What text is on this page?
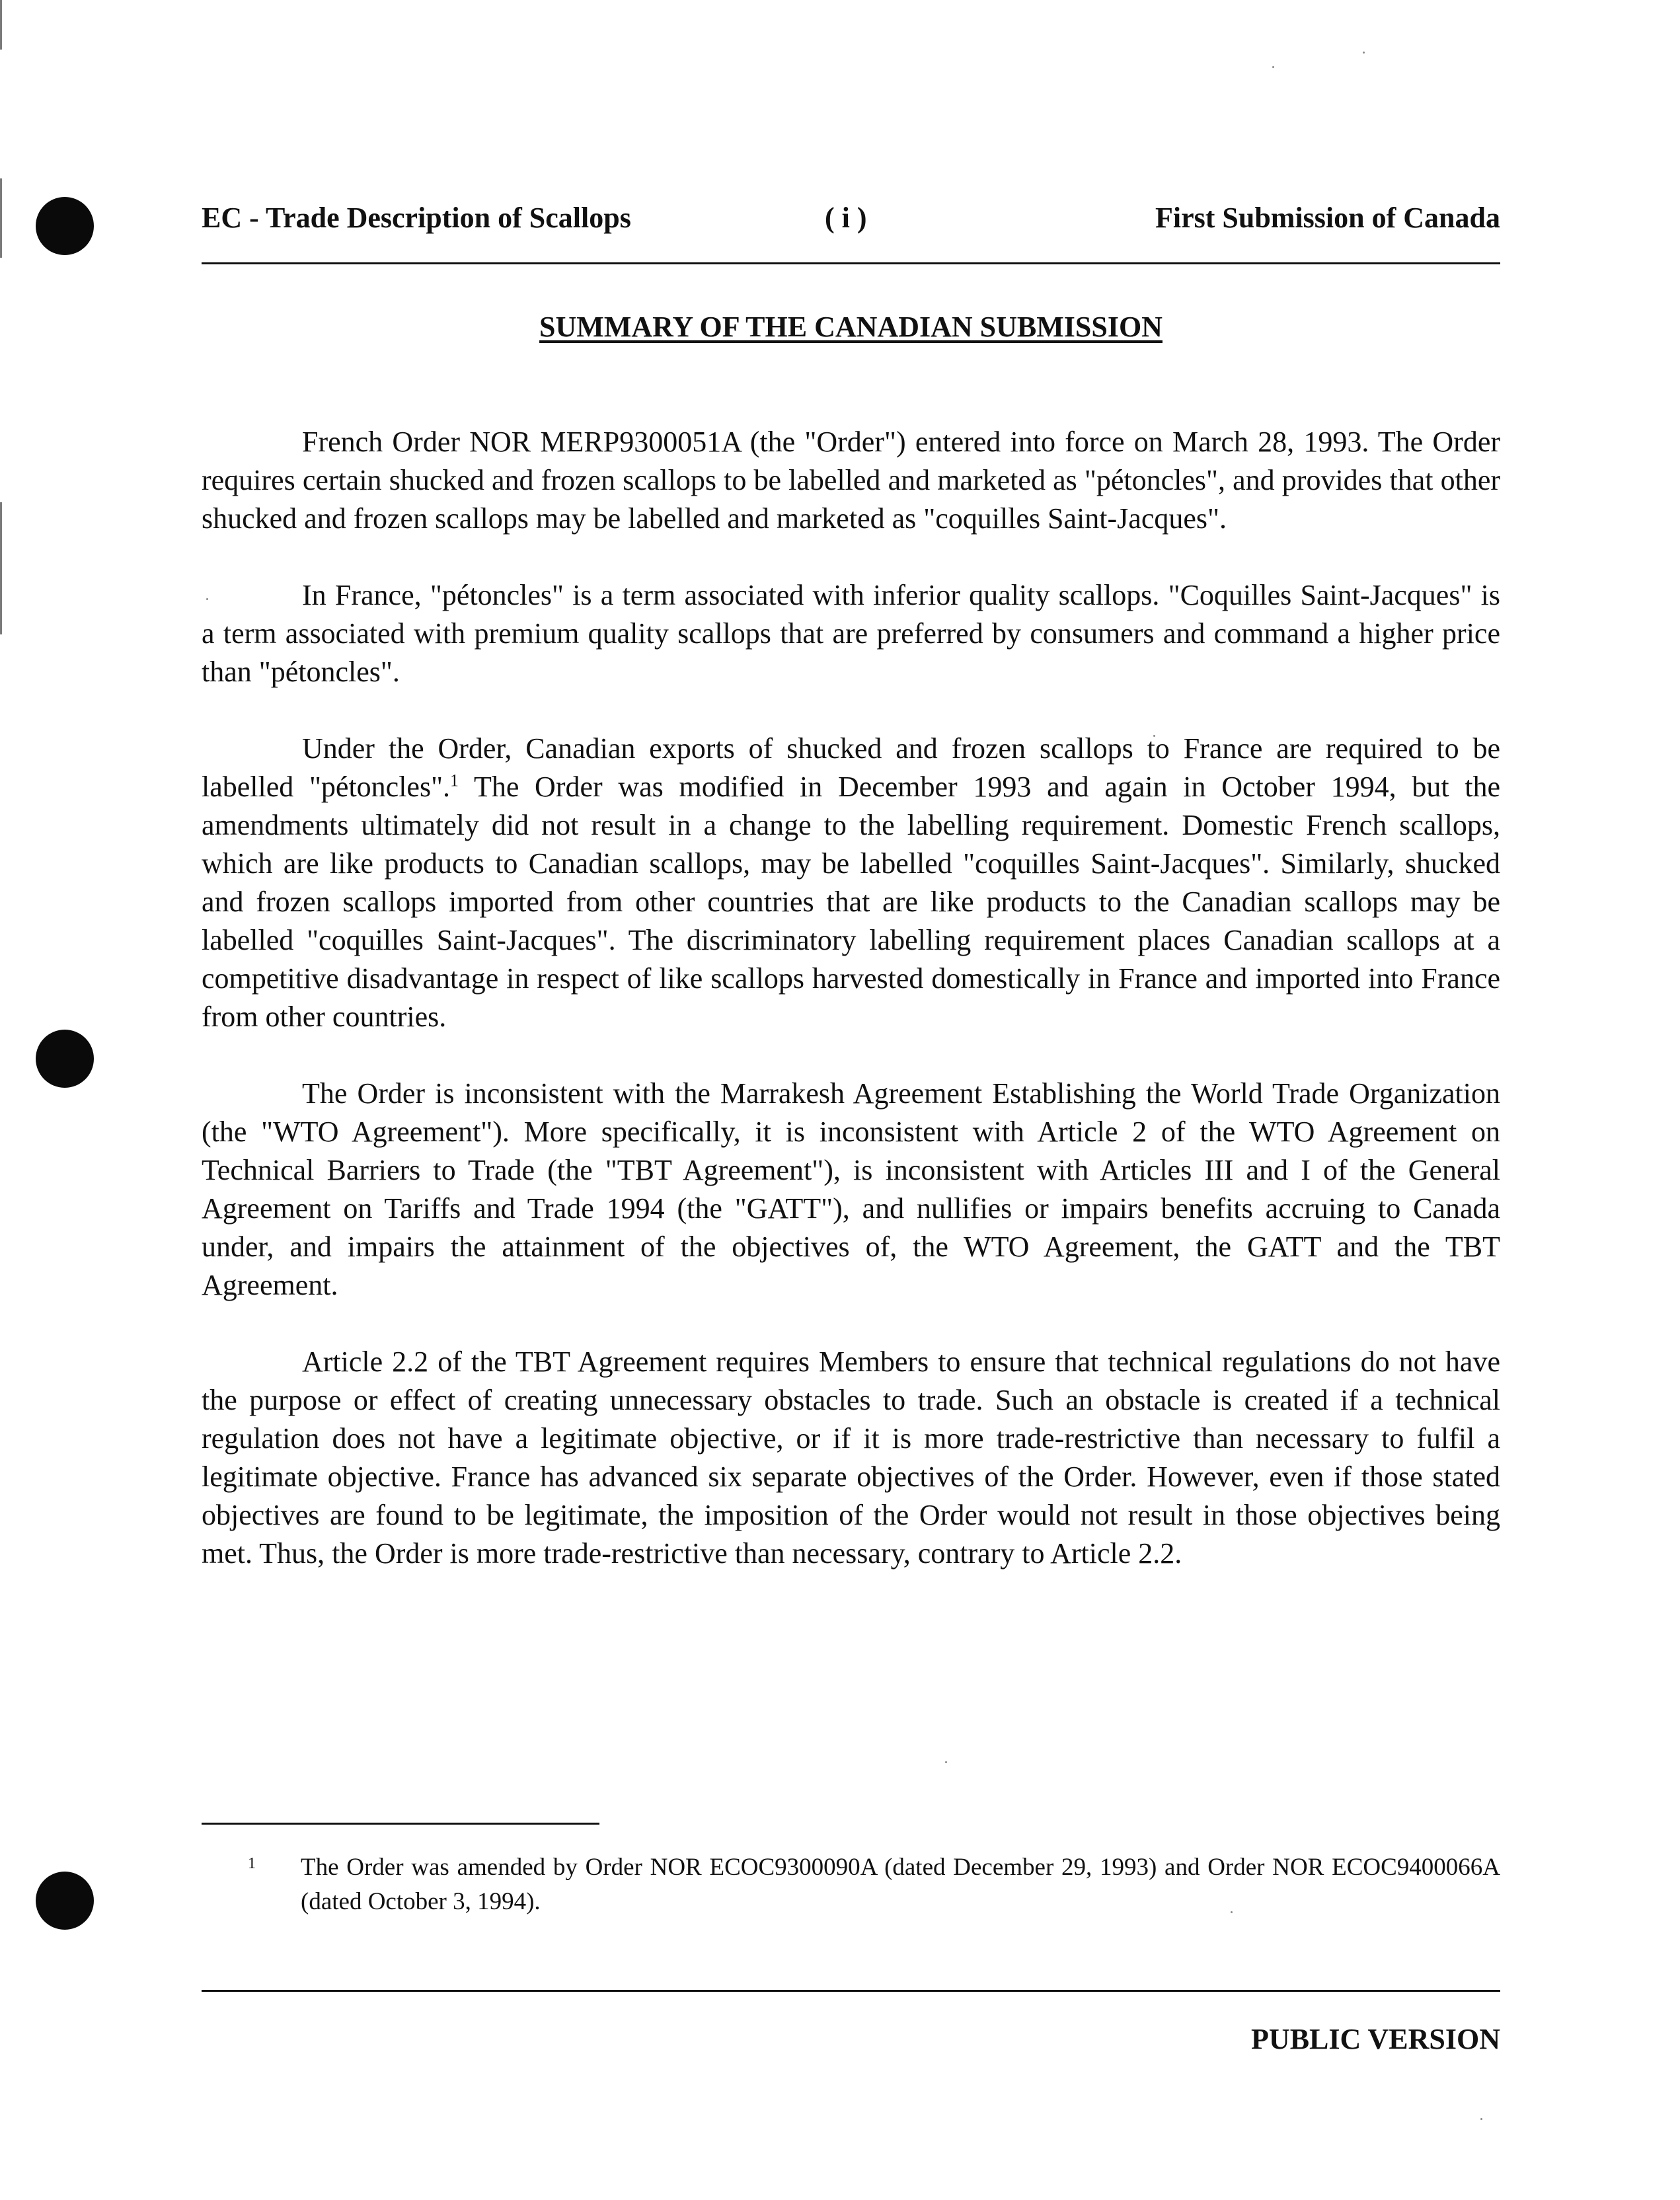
EC - Trade Description of Scallops	( i )	First Submission of Canada
SUMMARY OF THE CANADIAN SUBMISSION

French Order NOR MERP9300051A (the "Order") entered into force on March 28, 1993. The Order requires certain shucked and frozen scallops to be labelled and marketed as "pétoncles", and provides that other shucked and frozen scallops may be labelled and marketed as "coquilles Saint-Jacques".

In France, "pétoncles" is a term associated with inferior quality scallops. "Coquilles Saint-Jacques" is a term associated with premium quality scallops that are preferred by consumers and command a higher price than "pétoncles".

Under the Order, Canadian exports of shucked and frozen scallops to France are required to be labelled "pétoncles".$^1$ The Order was modified in December 1993 and again in October 1994, but the amendments ultimately did not result in a change to the labelling requirement. Domestic French scallops, which are like products to Canadian scallops, may be labelled "coquilles Saint-Jacques". Similarly, shucked and frozen scallops imported from other countries that are like products to the Canadian scallops may be labelled "coquilles Saint-Jacques". The discriminatory labelling requirement places Canadian scallops at a competitive disadvantage in respect of like scallops harvested domestically in France and imported into France from other countries.

The Order is inconsistent with the Marrakesh Agreement Establishing the World Trade Organization (the "WTO Agreement"). More specifically, it is inconsistent with Article 2 of the WTO Agreement on Technical Barriers to Trade (the "TBT Agreement"), is inconsistent with Articles III and I of the General Agreement on Tariffs and Trade 1994 (the "GATT"), and nullifies or impairs benefits accruing to Canada under, and impairs the attainment of the objectives of, the WTO Agreement, the GATT and the TBT Agreement.

Article 2.2 of the TBT Agreement requires Members to ensure that technical regulations do not have the purpose or effect of creating unnecessary obstacles to trade. Such an obstacle is created if a technical regulation does not have a legitimate objective, or if it is more trade-restrictive than necessary to fulfil a legitimate objective. France has advanced six separate objectives of the Order. However, even if those stated objectives are found to be legitimate, the imposition of the Order would not result in those objectives being met. Thus, the Order is more trade-restrictive than necessary, contrary to Article 2.2.

1 The Order was amended by Order NOR ECOC9300090A (dated December 29, 1993) and Order NOR ECOC9400066A (dated October 3, 1994).
PUBLIC VERSION
